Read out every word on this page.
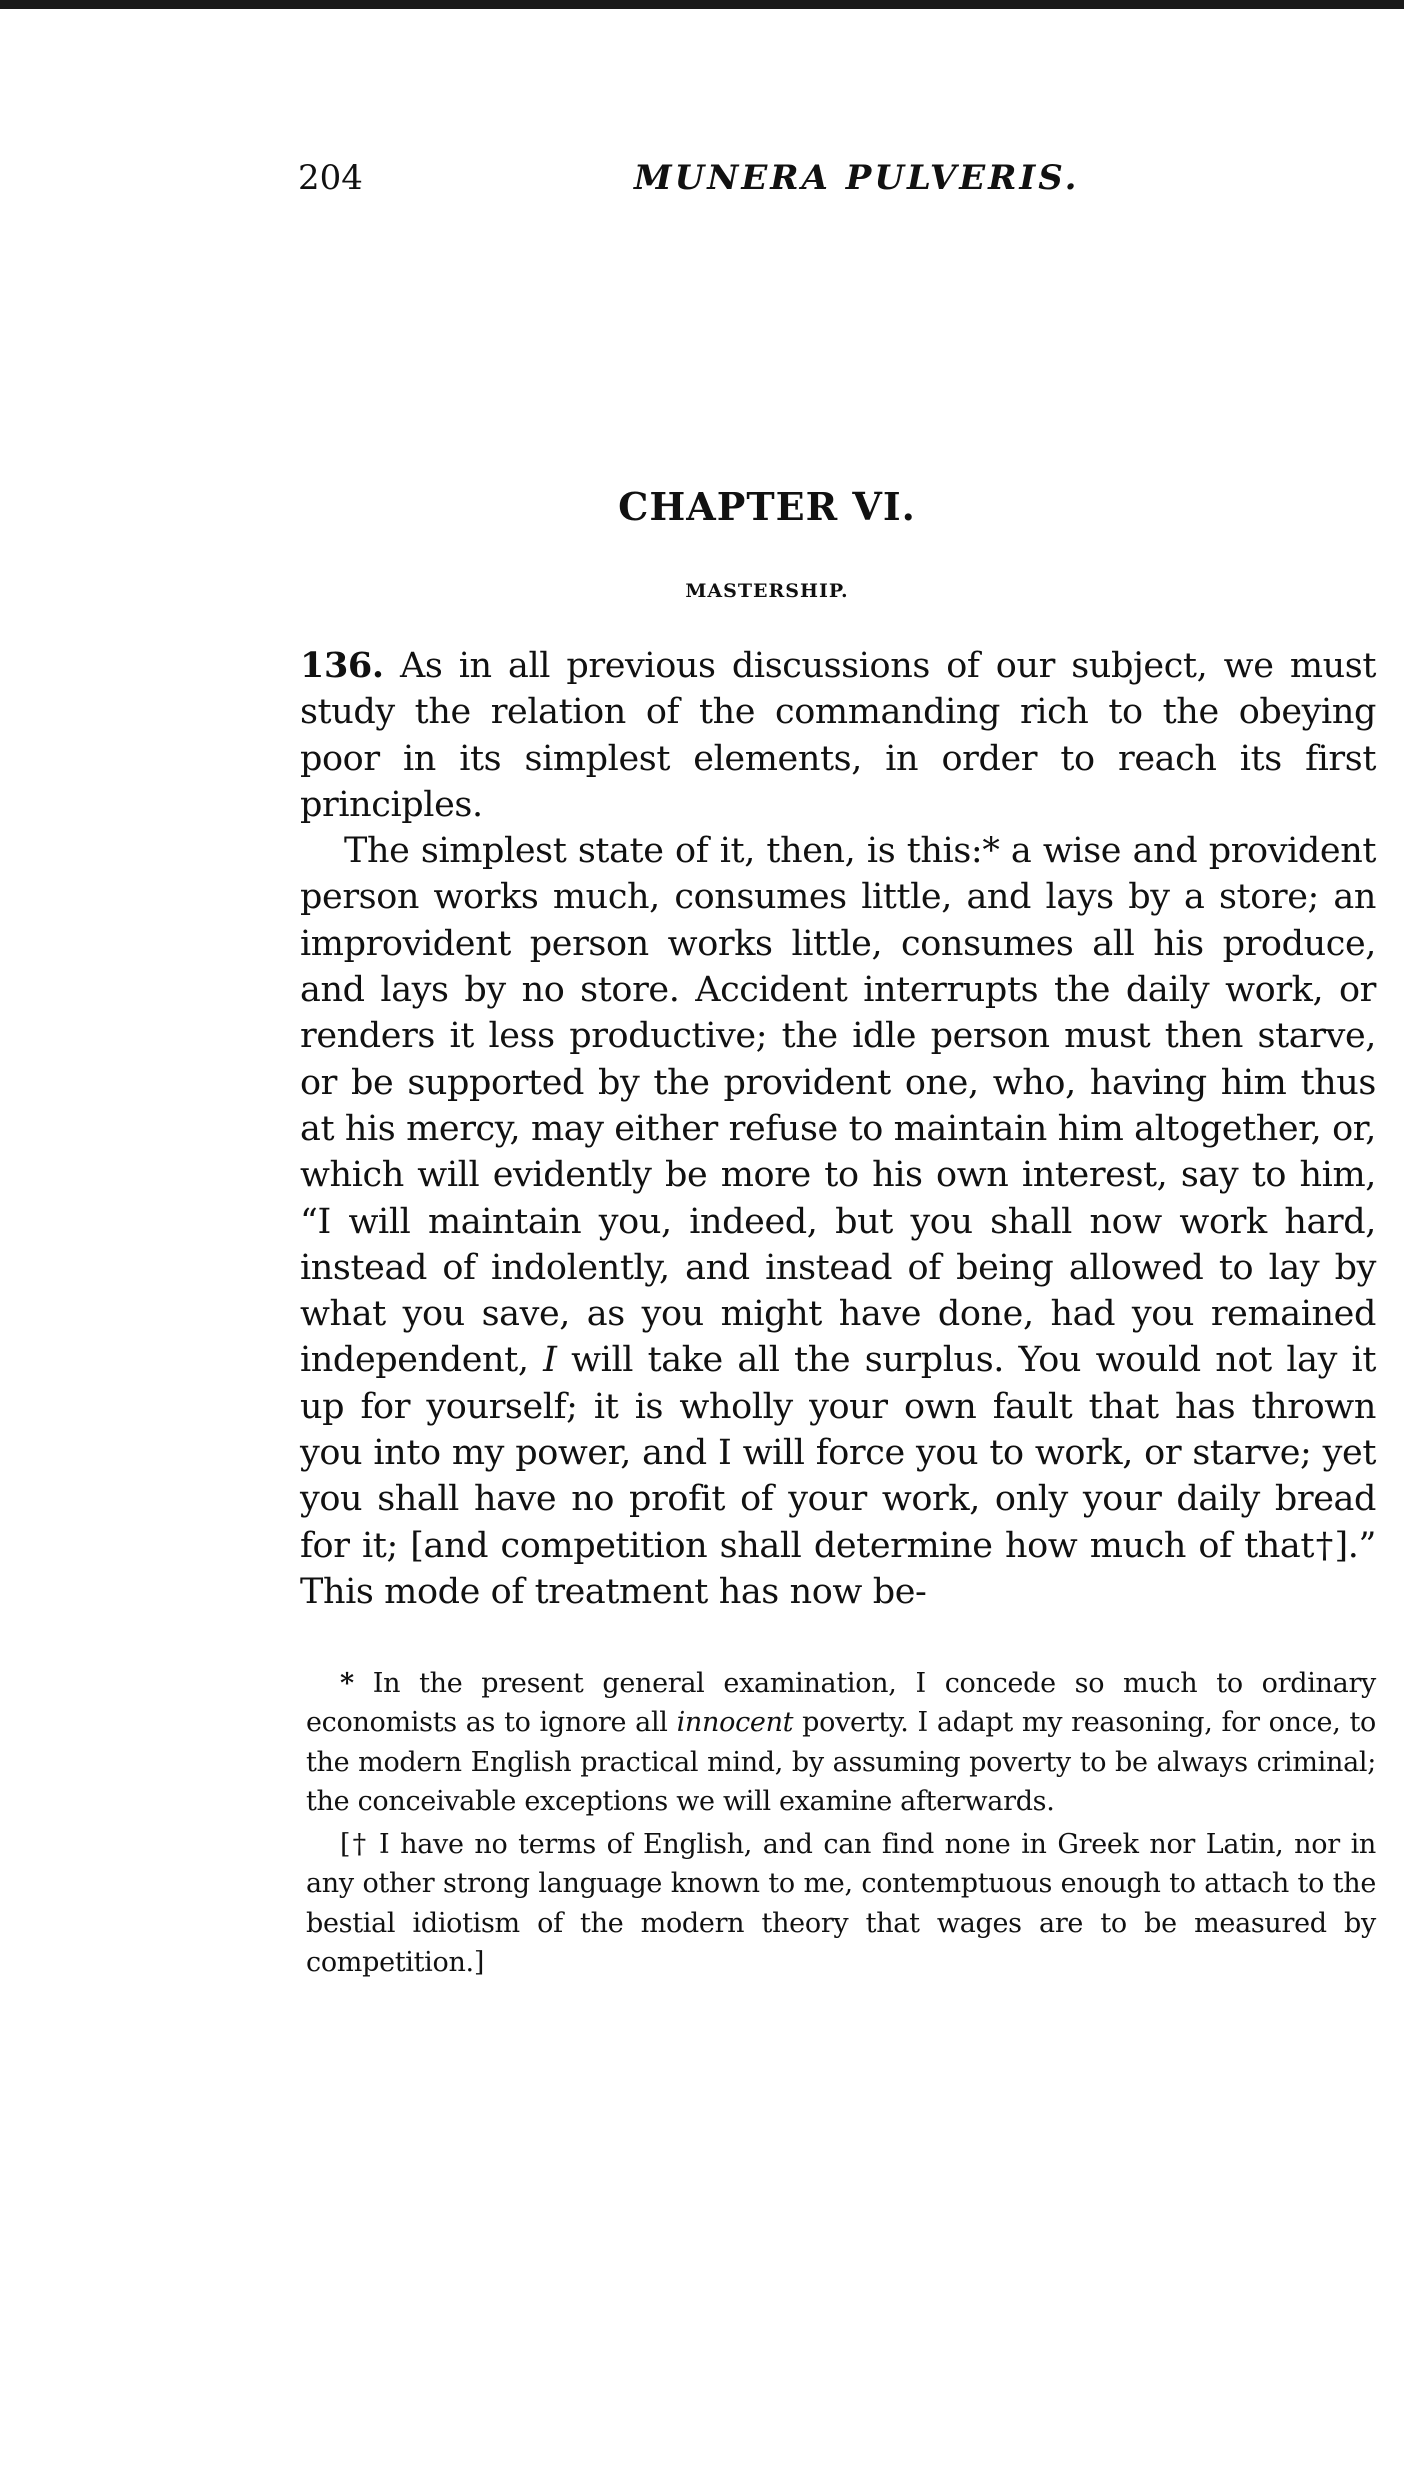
204	MUNERA PULVERIS.
CHAPTER VI.
MASTERSHIP.

136. As in all previous discussions of our subject, we must study the relation of the commanding rich to the obeying poor in its simplest elements, in order to reach its first principles.

The simplest state of it, then, is this:* a wise and provident person works much, consumes little, and lays by a store; an improvident person works little, consumes all his produce, and lays by no store. Accident interrupts the daily work, or renders it less productive; the idle person must then starve, or be supported by the provident one, who, having him thus at his mercy, may either refuse to maintain him altogether, or, which will evidently be more to his own interest, say to him, “I will maintain you, indeed, but you shall now work hard, instead of indolently, and instead of being allowed to lay by what you save, as you might have done, had you remained independent, I will take all the surplus. You would not lay it up for yourself; it is wholly your own fault that has thrown you into my power, and I will force you to work, or starve; yet you shall have no profit of your work, only your daily bread for it; [and competition shall determine how much of that†].” This mode of treatment has now be-

* In the present general examination, I concede so much to ordinary economists as to ignore all innocent poverty. I adapt my reasoning, for once, to the modern English practical mind, by assuming poverty to be always criminal; the conceivable exceptions we will examine afterwards.

[† I have no terms of English, and can find none in Greek nor Latin, nor in any other strong language known to me, contemptuous enough to attach to the bestial idiotism of the modern theory that wages are to be measured by competition.]
